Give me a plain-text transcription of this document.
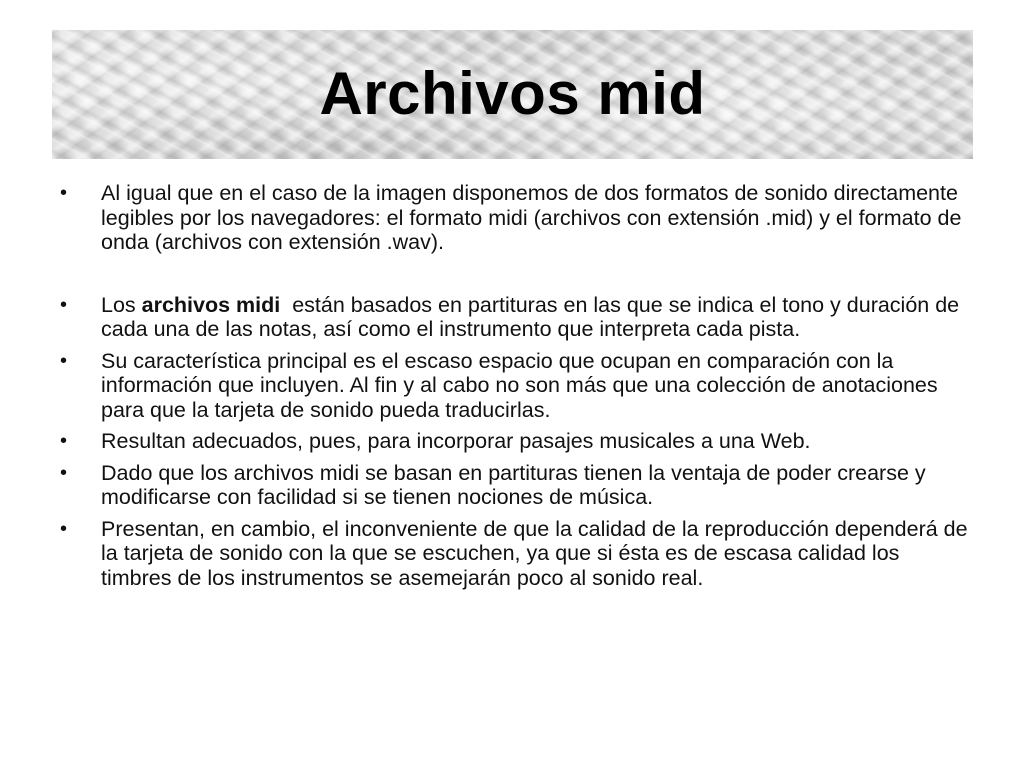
Archivos mid
• Al igual que en el caso de la imagen disponemos de dos formatos de sonido directamente legibles por los navegadores: el formato midi (archivos con extensión .mid) y el formato de onda (archivos con extensión .wav).
• Los archivos midi  están basados en partituras en las que se indica el tono y duración de cada una de las notas, así como el instrumento que interpreta cada pista.
• Su característica principal es el escaso espacio que ocupan en comparación con la información que incluyen. Al fin y al cabo no son más que una colección de anotaciones para que la tarjeta de sonido pueda traducirlas.
• Resultan adecuados, pues, para incorporar pasajes musicales a una Web.
• Dado que los archivos midi se basan en partituras tienen la ventaja de poder crearse y modificarse con facilidad si se tienen nociones de música.
• Presentan, en cambio, el inconveniente de que la calidad de la reproducción dependerá de la tarjeta de sonido con la que se escuchen, ya que si ésta es de escasa calidad los timbres de los instrumentos se asemejarán poco al sonido real.
